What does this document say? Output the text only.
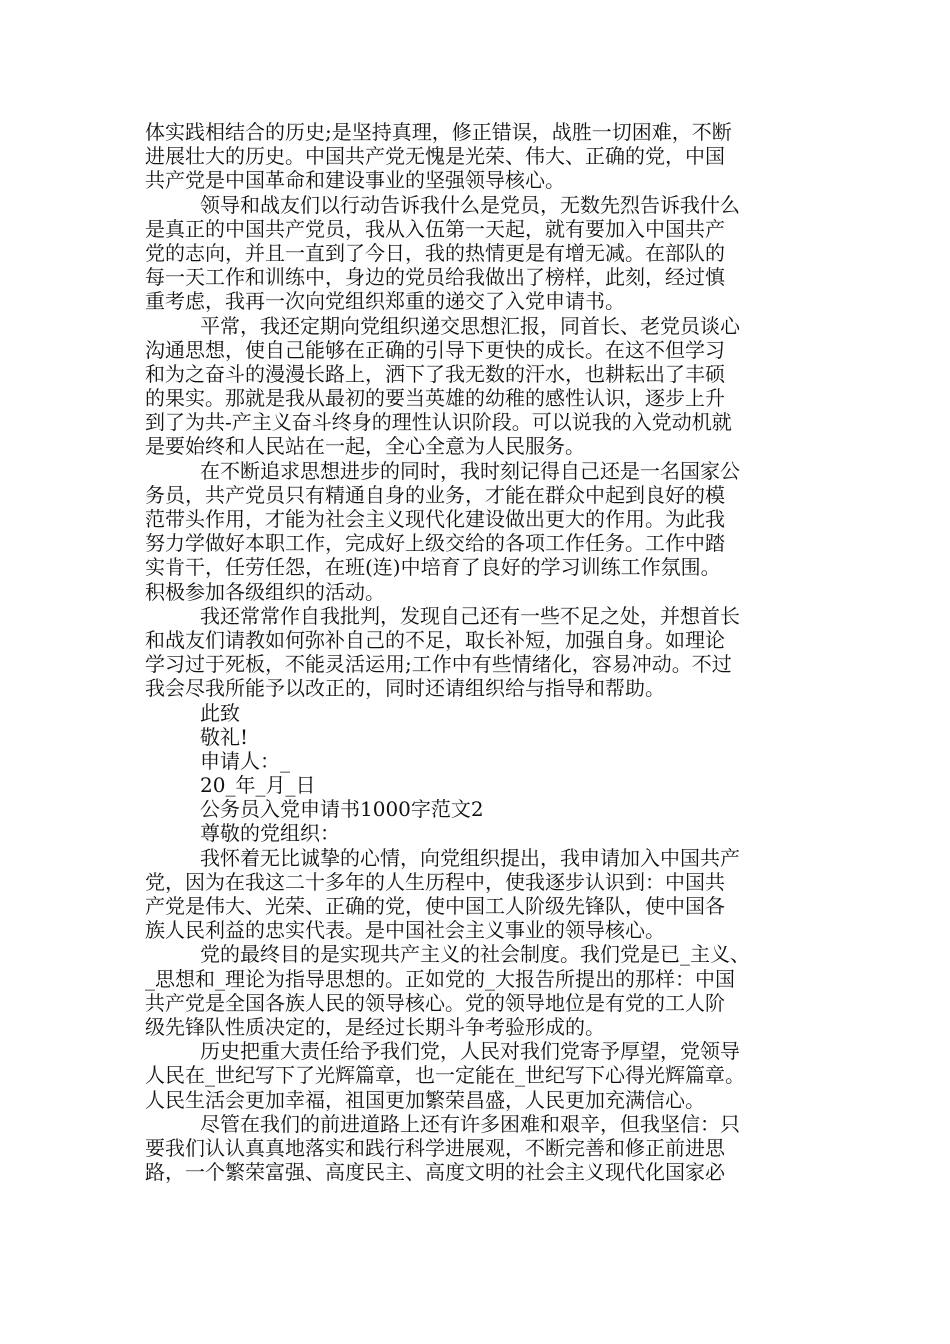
体实践相结合的历史;是坚持真理，修正错误，战胜一切困难，不断
进展壮大的历史。中国共产党无愧是光荣、伟大、正确的党，中国
共产党是中国革命和建设事业的坚强领导核心。
领导和战友们以行动告诉我什么是党员，无数先烈告诉我什么
是真正的中国共产党员，我从入伍第一天起，就有要加入中国共产
党的志向，并且一直到了今日，我的热情更是有增无减。在部队的
每一天工作和训练中，身边的党员给我做出了榜样，此刻，经过慎
重考虑，我再一次向党组织郑重的递交了入党申请书。
平常，我还定期向党组织递交思想汇报，同首长、老党员谈心
沟通思想，使自己能够在正确的引导下更快的成长。在这不但学习
和为之奋斗的漫漫长路上，洒下了我无数的汗水，也耕耘出了丰硕
的果实。那就是我从最初的要当英雄的幼稚的感性认识，逐步上升
到了为共-产主义奋斗终身的理性认识阶段。可以说我的入党动机就
是要始终和人民站在一起，全心全意为人民服务。
在不断追求思想进步的同时，我时刻记得自己还是一名国家公
务员，共产党员只有精通自身的业务，才能在群众中起到良好的模
范带头作用，才能为社会主义现代化建设做出更大的作用。为此我
努力学做好本职工作，完成好上级交给的各项工作任务。工作中踏
实肯干，任劳任怨，在班(连)中培育了良好的学习训练工作氛围。
积极参加各级组织的活动。
我还常常作自我批判，发现自己还有一些不足之处，并想首长
和战友们请教如何弥补自己的不足，取长补短，加强自身。如理论
学习过于死板，不能灵活运用;工作中有些情绪化，容易冲动。不过
我会尽我所能予以改正的，同时还请组织给与指导和帮助。
此致
敬礼!
申请人：_
20_年_月_日
公务员入党申请书1000字范文2
尊敬的党组织：
我怀着无比诚挚的心情，向党组织提出，我申请加入中国共产
党，因为在我这二十多年的人生历程中，使我逐步认识到：中国共
产党是伟大、光荣、正确的党，使中国工人阶级先锋队，使中国各
族人民利益的忠实代表。是中国社会主义事业的领导核心。
党的最终目的是实现共产主义的社会制度。我们党是已_主义、
_思想和_理论为指导思想的。正如党的_大报告所提出的那样：中国
共产党是全国各族人民的领导核心。党的领导地位是有党的工人阶
级先锋队性质决定的，是经过长期斗争考验形成的。
历史把重大责任给予我们党，人民对我们党寄予厚望，党领导
人民在_世纪写下了光辉篇章，也一定能在_世纪写下心得光辉篇章。
人民生活会更加幸福，祖国更加繁荣昌盛，人民更加充满信心。
尽管在我们的前进道路上还有许多困难和艰辛，但我坚信：只
要我们认认真真地落实和践行科学进展观，不断完善和修正前进思
路，一个繁荣富强、高度民主、高度文明的社会主义现代化国家必
